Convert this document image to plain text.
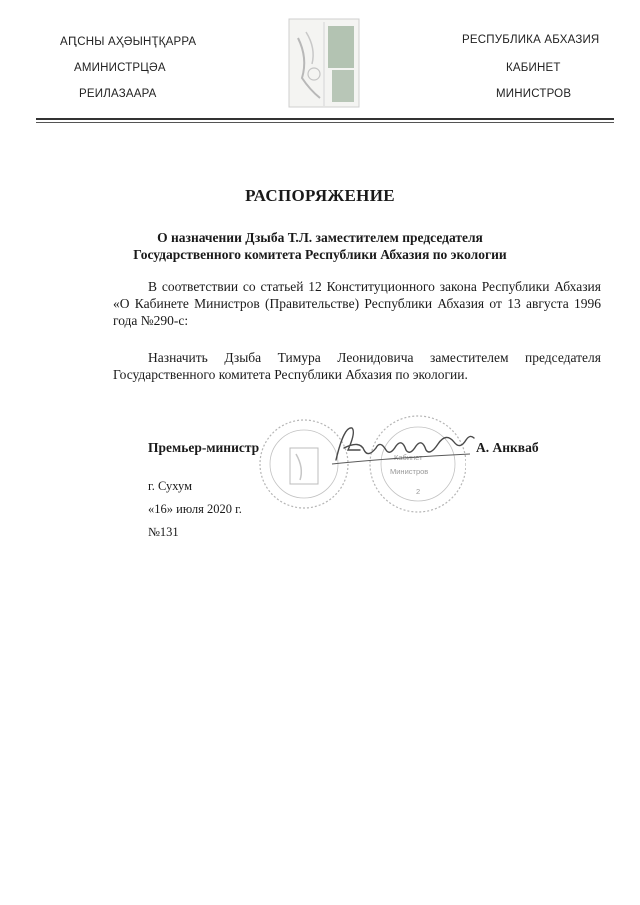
АԤСНЫ АҲӘЫНҬҚАРРА
АМИНИСТРЦӘА
РЕИЛАЗААРА
РЕСПУБЛИКА АБХАЗИЯ
КАБИНЕТ
МИНИСТРОВ
РАСПОРЯЖЕНИЕ
О назначении Дзыба Т.Л. заместителем председателя
Государственного комитета Республики Абхазия по экологии
В соответствии со статьей 12 Конституционного закона Республики Абхазия «О Кабинете Министров (Правительстве) Республики Абхазия от 13 августа 1996 года №290-с:
Назначить Дзыба Тимура Леонидовича заместителем председателя Государственного комитета Республики Абхазия по экологии.
Кабинет
Министров
2
Премьер-министр	А. Анкваб
г. Сухум
«16» июля 2020 г.
№131
